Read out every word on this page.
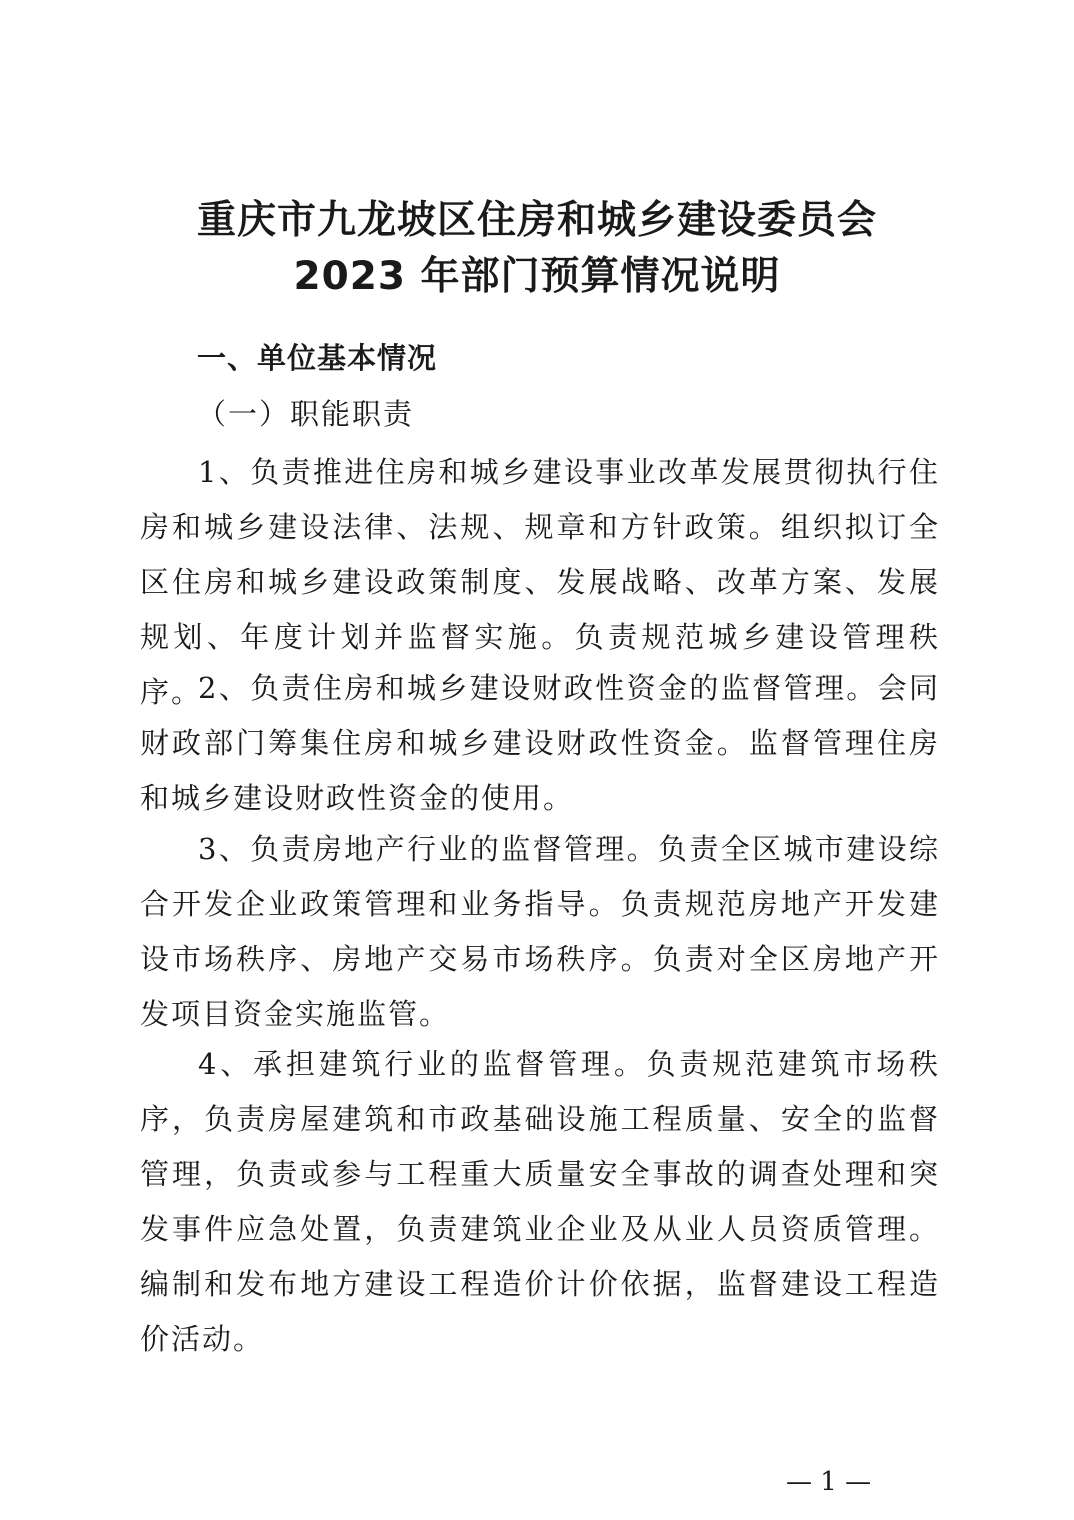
重庆市九龙坡区住房和城乡建设委员会
2023 年部门预算情况说明
一、单位基本情况
（一）职能职责

1、负责推进住房和城乡建设事业改革发展贯彻执行住房和城乡建设法律、法规、规章和方针政策。组织拟订全区住房和城乡建设政策制度、发展战略、改革方案、发展规划、年度计划并监督实施。负责规范城乡建设管理秩序。

2、负责住房和城乡建设财政性资金的监督管理。会同财政部门筹集住房和城乡建设财政性资金。监督管理住房和城乡建设财政性资金的使用。

3、负责房地产行业的监督管理。负责全区城市建设综合开发企业政策管理和业务指导。负责规范房地产开发建设市场秩序、房地产交易市场秩序。负责对全区房地产开发项目资金实施监管。

4、承担建筑行业的监督管理。负责规范建筑市场秩序，负责房屋建筑和市政基础设施工程质量、安全的监督管理，负责或参与工程重大质量安全事故的调查处理和突发事件应急处置，负责建筑业企业及从业人员资质管理。编制和发布地方建设工程造价计价依据，监督建设工程造价活动。

— 1 —
